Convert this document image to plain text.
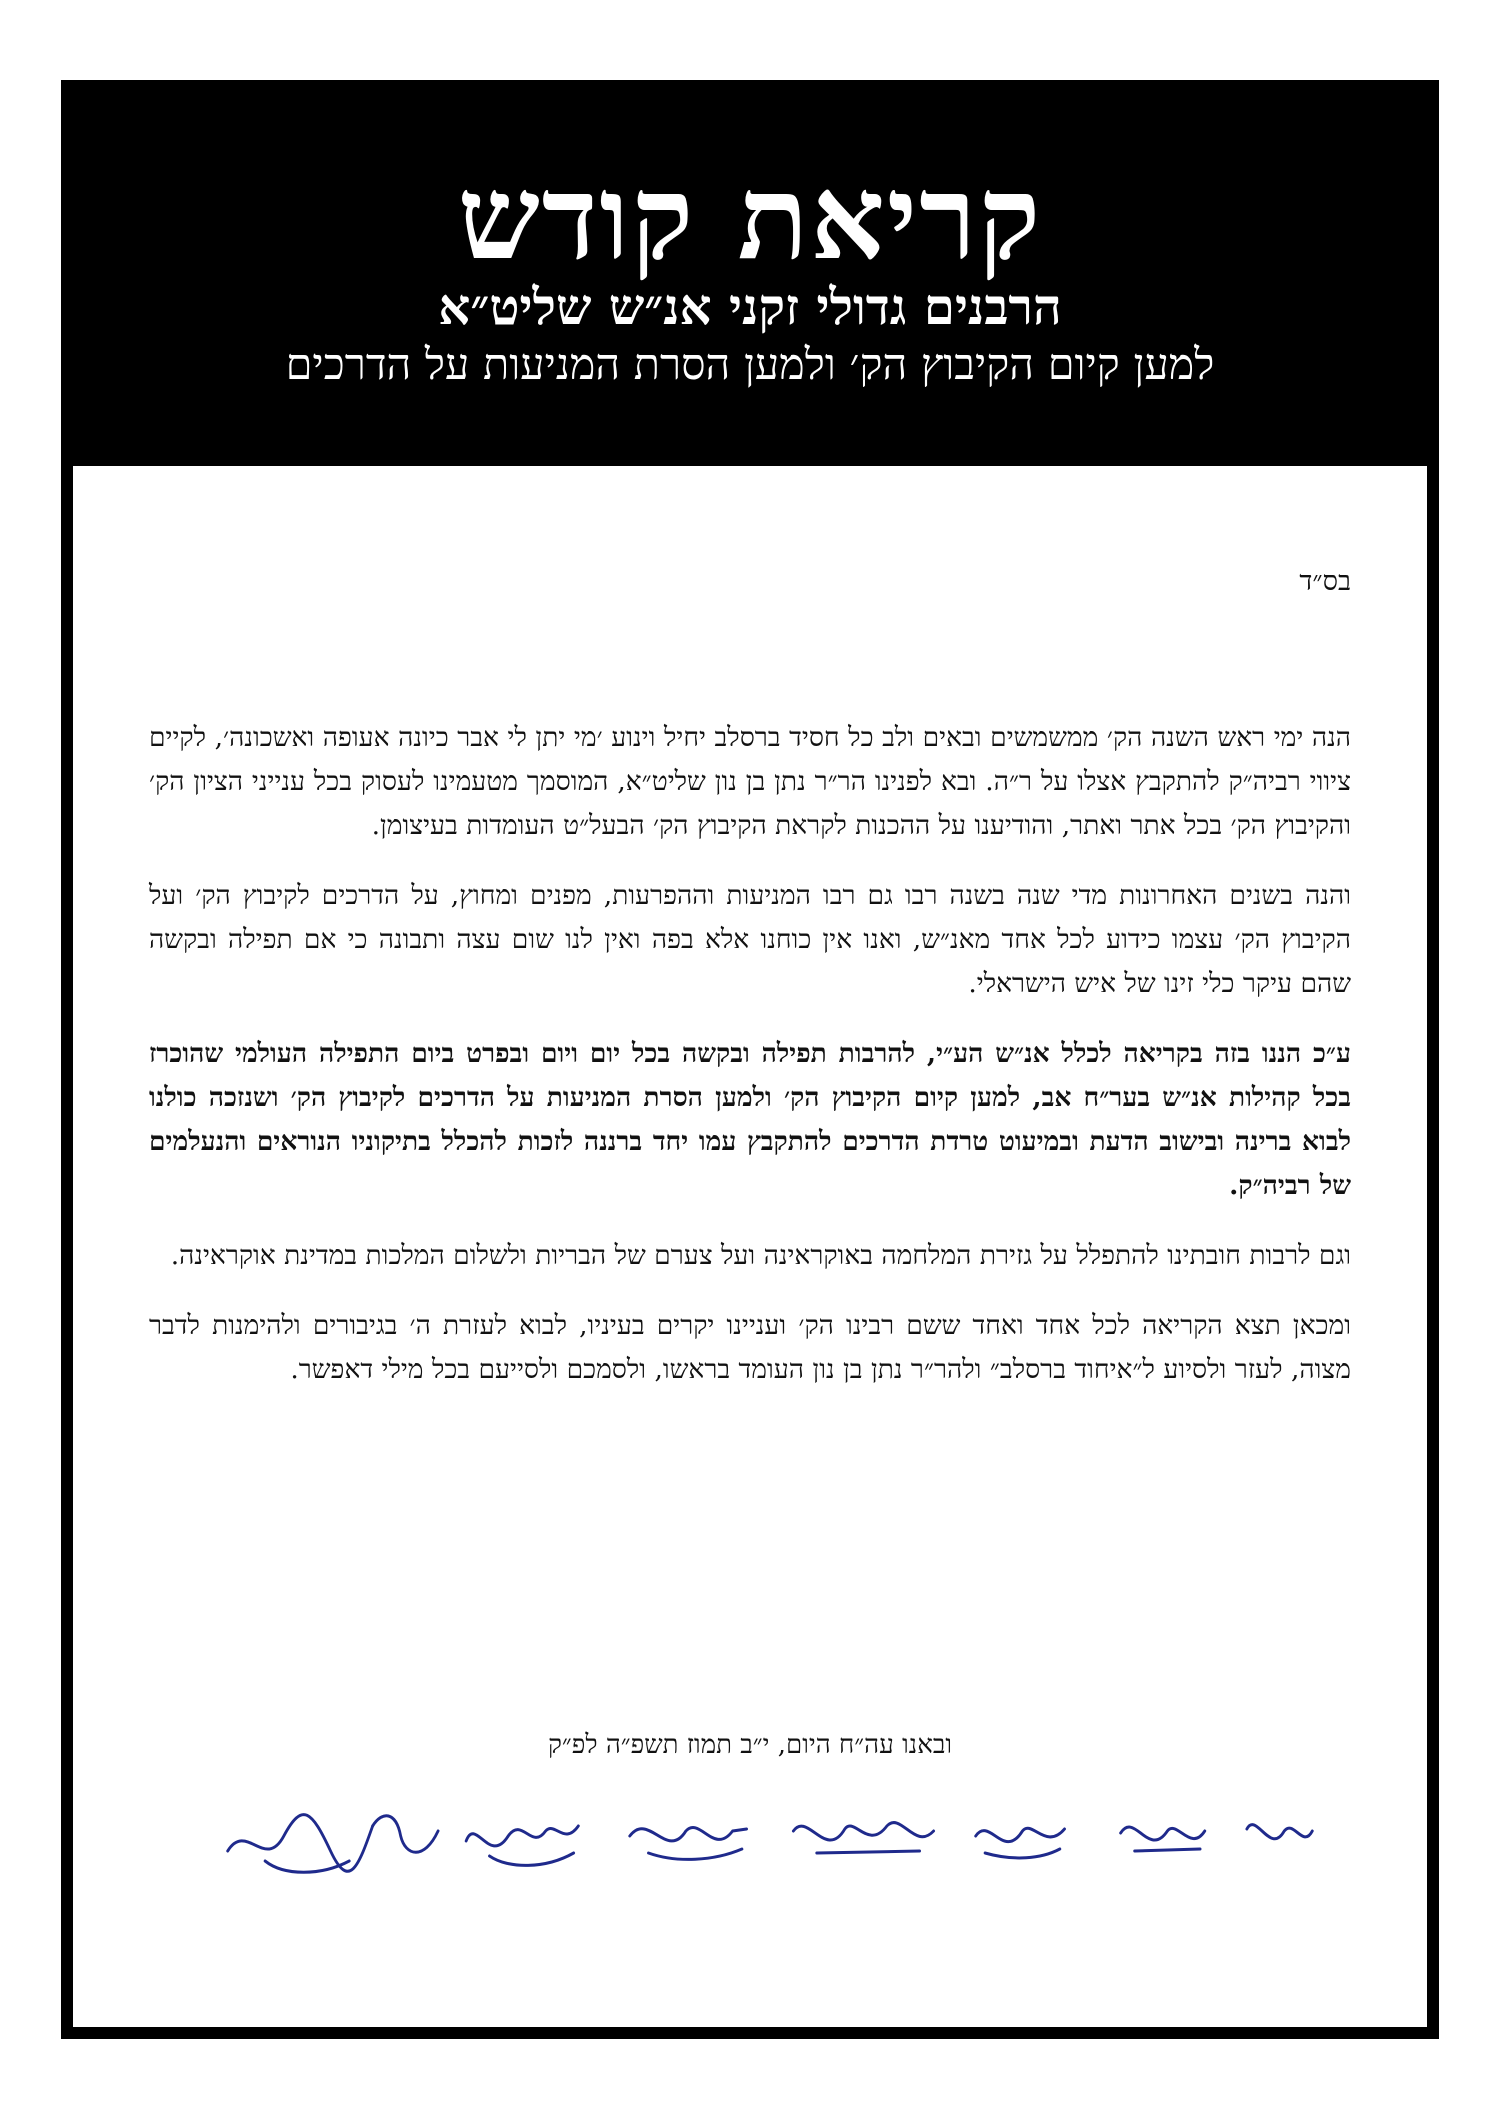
קריאת קודש
הרבנים גדולי זקני אנ״ש שליט״א
למען קיום הקיבוץ הק׳ ולמען הסרת המניעות על הדרכים
בס״ד

הנה ימי ראש השנה הק׳ ממשמשים ובאים ולב כל חסיד ברסלב יחיל וינוע ׳מי יתן לי אבר כיונה אעופה ואשכונה׳, לקיים ציווי רביה״ק להתקבץ אצלו על ר״ה. ובא לפנינו הר״ר נתן בן נון שליט״א, המוסמך מטעמינו לעסוק בכל ענייני הציון הק׳ והקיבוץ הק׳ בכל אתר ואתר, והודיענו על ההכנות לקראת הקיבוץ הק׳ הבעל״ט העומדות בעיצומן.

והנה בשנים האחרונות מדי שנה בשנה רבו גם רבו המניעות וההפרעות, מפנים ומחוץ, על הדרכים לקיבוץ הק׳ ועל הקיבוץ הק׳ עצמו כידוע לכל אחד מאנ״ש, ואנו אין כוחנו אלא בפה ואין לנו שום עצה ותבונה כי אם תפילה ובקשה שהם עיקר כלי זינו של איש הישראלי.

ע״כ הננו בזה בקריאה לכלל אנ״ש הע״י, להרבות תפילה ובקשה בכל יום ויום ובפרט ביום התפילה העולמי שהוכרז בכל קהילות אנ״ש בער״ח אב, למען קיום הקיבוץ הק׳ ולמען הסרת המניעות על הדרכים לקיבוץ הק׳ ושנזכה כולנו לבוא ברינה ובישוב הדעת ובמיעוט טרדת הדרכים להתקבץ עמו יחד ברננה לזכות להכלל בתיקוניו הנוראים והנעלמים של רביה״ק.

וגם לרבות חובתינו להתפלל על גזירת המלחמה באוקראינה ועל צערם של הבריות ולשלום המלכות במדינת אוקראינה.

ומכאן תצא הקריאה לכל אחד ואחד ששם רבינו הק׳ ועניינו יקרים בעיניו, לבוא לעזרת ה׳ בגיבורים ולהימנות לדבר מצוה, לעזר ולסיוע ל״איחוד ברסלב״ ולהר״ר נתן בן נון העומד בראשו, ולסמכם ולסייעם בכל מילי דאפשר.

ובאנו עה״ח היום, י״ב תמוז תשפ״ה לפ״ק
